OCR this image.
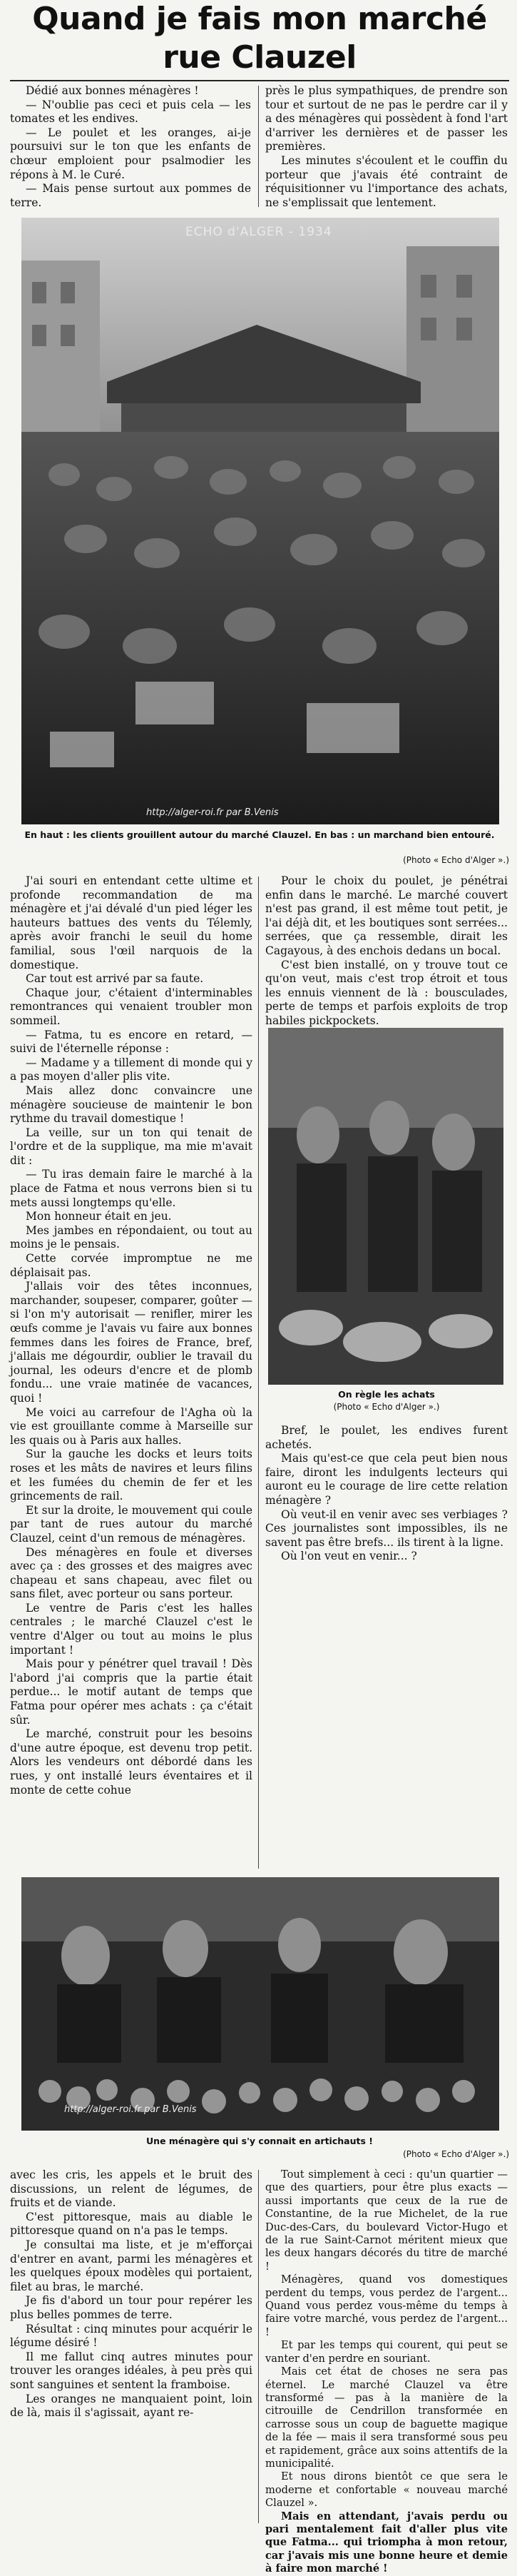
Quand je fais mon marché
rue Clauzel

Dédié aux bonnes ménagères !

— N'oublie pas ceci et puis cela — les tomates et les endives.

— Le poulet et les oranges, ai-je poursuivi sur le ton que les enfants de chœur emploient pour psalmodier les répons à M. le Curé.

— Mais pense surtout aux pommes de terre.

près le plus sympathiques, de prendre son tour et surtout de ne pas le perdre car il y a des ménagères qui possèdent à fond l'art d'arriver les dernières et de passer les premières.

Les minutes s'écoulent et le couffin du porteur que j'avais été contraint de réquisitionner vu l'importance des achats, ne s'emplissait que lentement.

ECHO d'ALGER - 1934
http://alger-roi.fr par B.Venis
En haut : les clients grouillent autour du marché Clauzel. En bas : un marchand bien entouré.
(Photo « Echo d'Alger ».)

J'ai souri en entendant cette ultime et profonde recommandation de ma ménagère et j'ai dévalé d'un pied léger les hauteurs battues des vents du Télemly, après avoir franchi le seuil du home familial, sous l'œil narquois de la domestique.

Car tout est arrivé par sa faute.

Chaque jour, c'étaient d'interminables remontrances qui venaient troubler mon sommeil.

— Fatma, tu es encore en retard, — suivi de l'éternelle réponse :

— Madame y a tillement di monde qui y a pas moyen d'aller plis vite.

Mais allez donc convaincre une ménagère soucieuse de maintenir le bon rythme du travail domestique !

La veille, sur un ton qui tenait de l'ordre et de la supplique, ma mie m'avait dit :

— Tu iras demain faire le marché à la place de Fatma et nous verrons bien si tu mets aussi longtemps qu'elle.

Mon honneur était en jeu.

Mes jambes en répondaient, ou tout au moins je le pensais.

Cette corvée impromptue ne me déplaisait pas.

J'allais voir des têtes inconnues, marchander, soupeser, comparer, goûter — si l'on m'y autorisait — renifler, mirer les œufs comme je l'avais vu faire aux bonnes femmes dans les foires de France, bref, j'allais me dégourdir, oublier le travail du journal, les odeurs d'encre et de plomb fondu... une vraie matinée de vacances, quoi !

Me voici au carrefour de l'Agha où la vie est grouillante comme à Marseille sur les quais ou à Paris aux halles.

Sur la gauche les docks et leurs toits roses et les mâts de navires et leurs filins et les fumées du chemin de fer et les grincements de rail.

Et sur la droite, le mouvement qui coule par tant de rues autour du marché Clauzel, ceint d'un remous de ménagères.

Des ménagères en foule et diverses avec ça : des grosses et des maigres avec chapeau et sans chapeau, avec filet ou sans filet, avec porteur ou sans porteur.

Le ventre de Paris c'est les halles centrales ; le marché Clauzel c'est le ventre d'Alger ou tout au moins le plus important !

Mais pour y pénétrer quel travail ! Dès l'abord j'ai compris que la partie était perdue... le motif autant de temps que Fatma pour opérer mes achats : ça c'était sûr.

Le marché, construit pour les besoins d'une autre époque, est devenu trop petit. Alors les vendeurs ont débordé dans les rues, y ont installé leurs éventaires et il monte de cette cohue

Pour le choix du poulet, je pénétrai enfin dans le marché. Le marché couvert n'est pas grand, il est même tout petit, je l'ai déjà dit, et les boutiques sont serrées... serrées, que ça ressemble, dirait les Cagayous, à des enchois dedans un bocal.

C'est bien installé, on y trouve tout ce qu'on veut, mais c'est trop étroit et tous les ennuis viennent de là : bousculades, perte de temps et parfois exploits de trop habiles pickpockets.

On règle les achats
(Photo « Echo d'Alger ».)

Bref, le poulet, les endives furent achetés.

Mais qu'est-ce que cela peut bien nous faire, diront les indulgents lecteurs qui auront eu le courage de lire cette relation ménagère ?

Où veut-il en venir avec ses verbiages ? Ces journalistes sont impossibles, ils ne savent pas être brefs... ils tirent à la ligne.

Où l'on veut en venir... ?

http://alger-roi.fr par B.Venis
Une ménagère qui s'y connait en artichauts !
(Photo « Echo d'Alger ».)

avec les cris, les appels et le bruit des discussions, un relent de légumes, de fruits et de viande.

C'est pittoresque, mais au diable le pittoresque quand on n'a pas le temps.

Je consultai ma liste, et je m'efforçai d'entrer en avant, parmi les ménagères et les quelques époux modèles qui portaient, filet au bras, le marché.

Je fis d'abord un tour pour repérer les plus belles pommes de terre.

Résultat : cinq minutes pour acquérir le légume désiré !

Il me fallut cinq autres minutes pour trouver les oranges idéales, à peu près qui sont sanguines et sentent la framboise.

Les oranges ne manquaient point, loin de là, mais il s'agissait, ayant re-

Tout simplement à ceci : qu'un quartier — que des quartiers, pour être plus exacts — aussi importants que ceux de la rue de Constantine, de la rue Michelet, de la rue Duc-des-Cars, du boulevard Victor-Hugo et de la rue Saint-Carnot méritent mieux que les deux hangars décorés du titre de marché !

Ménagères, quand vos domestiques perdent du temps, vous perdez de l'argent... Quand vous perdez vous-même du temps à faire votre marché, vous perdez de l'argent... !

Et par les temps qui courent, qui peut se vanter d'en perdre en souriant.

Mais cet état de choses ne sera pas éternel. Le marché Clauzel va être transformé — pas à la manière de la citrouille de Cendrillon transformée en carrosse sous un coup de baguette magique de la fée — mais il sera transformé sous peu et rapidement, grâce aux soins attentifs de la municipalité.

Et nous dirons bientôt ce que sera le moderne et confortable « nouveau marché Clauzel ».

Mais en attendant, j'avais perdu ou pari mentalement fait d'aller plus vite que Fatma... qui triompha à mon retour, car j'avais mis une bonne heure et demie à faire mon marché !
